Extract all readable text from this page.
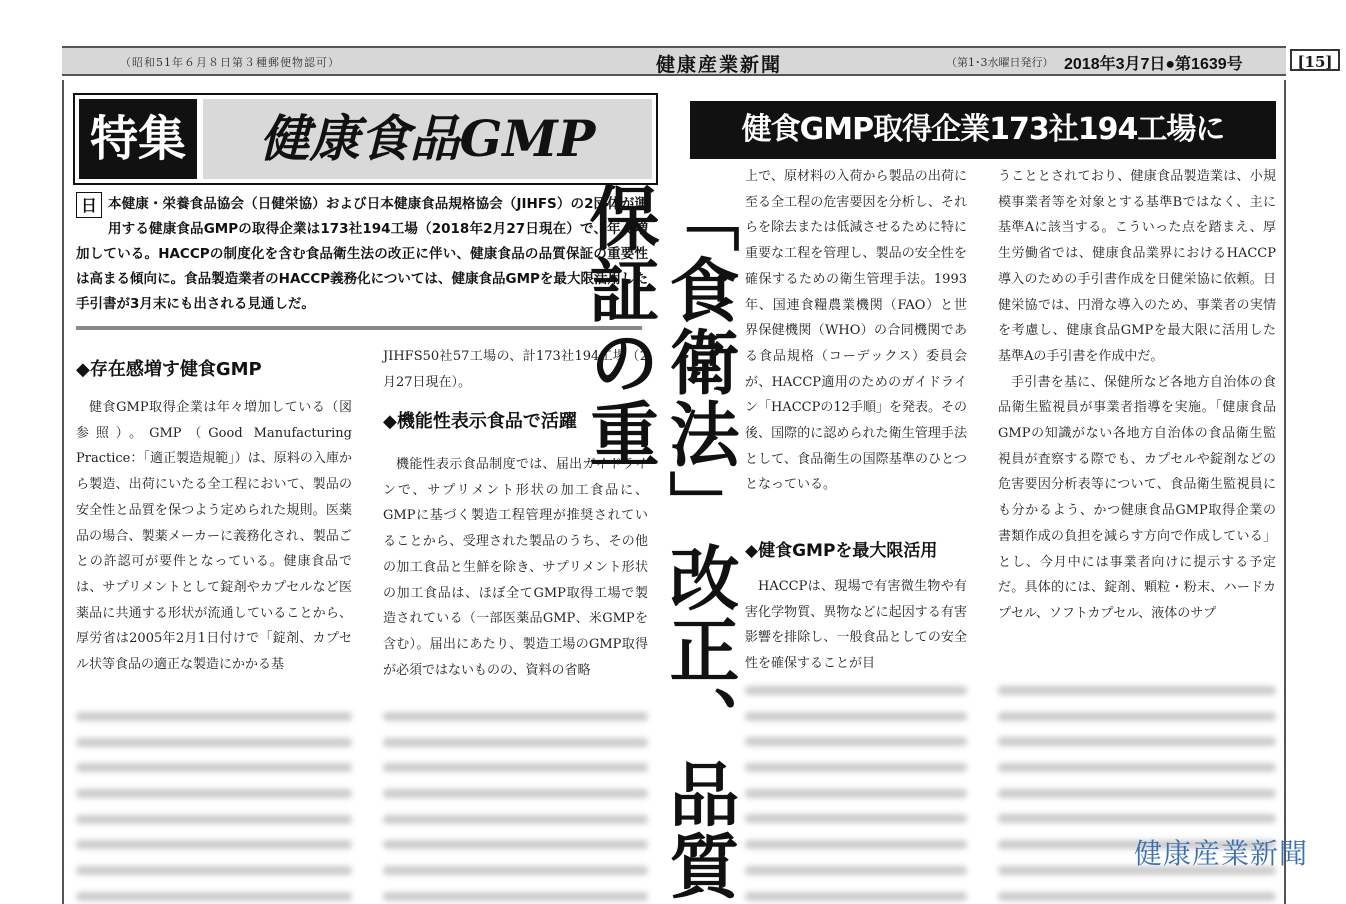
（昭和51年６月８日第３種郵便物認可）	健康産業新聞	（第1･3水曜日発行） 2018年3月7日●第1639号	[15]
特集	健康食品GMP	健食GMP取得企業173社194工場に
日 本健康・栄養食品協会（日健栄協）および日本健康食品規格協会（JIHFS）の2団体が運用する健康食品GMPの取得企業は173社194工場（2018年2月27日現在）で、年々増加している。HACCPの制度化を含む食品衛生法の改正に伴い、健康食品の品質保証の重要性は高まる傾向に。食品製造業者のHACCP義務化については、健康食品GMPを最大限活用した手引書が3月末にも出される見通しだ。
◆存在感増す健食GMP

健食GMP取得企業は年々増加している（図参照）。GMP（Good Manufacturing Practice：「適正製造規範」）は、原料の入庫から製造、出荷にいたる全工程において、製品の安全性と品質を保つよう定められた規則。医薬品の場合、製薬メーカーに義務化され、製品ごとの許認可が要件となっている。健康食品では、サプリメントとして錠剤やカプセルなど医薬品に共通する形状が流通していることから、厚労省は2005年2月1日付けで「錠剤、カプセル状等食品の適正な製造にかかる基

JIHFS50社57工場の、計173社194工場（2月27日現在）。

◆機能性表示食品で活躍

機能性表示食品制度では、届出ガイドラインで、サプリメント形状の加工食品に、GMPに基づく製造工程管理が推奨されていることから、受理された製品のうち、その他の加工食品と生鮮を除き、サプリメント形状の加工食品は、ほぼ全てGMP取得工場で製造されている（一部医薬品GMP、米GMPを含む）。届出にあたり、製造工場のGMP取得が必須ではないものの、資料の省略 「食衛法」改正、品質保証の重

上で、原材料の入荷から製品の出荷に至る全工程の危害要因を分析し、それらを除去または低減させるために特に重要な工程を管理し、製品の安全性を確保するための衛生管理手法。1993年、国連食糧農業機関（FAO）と世界保健機関（WHO）の合同機関である食品規格（コーデックス）委員会が、HACCP適用のためのガイドライン「HACCPの12手順」を発表。その後、国際的に認められた衛生管理手法として、食品衛生の国際基準のひとつとなっている。

◆健食GMPを最大限活用

HACCPは、現場で有害微生物や有害化学物質、異物などに起因する有害影響を排除し、一般食品としての安全性を確保することが目

うこととされており、健康食品製造業は、小規模事業者等を対象とする基準Bではなく、主に基準Aに該当する。こういった点を踏まえ、厚生労働省では、健康食品業界におけるHACCP導入のための手引書作成を日健栄協に依頼。日健栄協では、円滑な導入のため、事業者の実情を考慮し、健康食品GMPを最大限に活用した基準Aの手引書を作成中だ。

手引書を基に、保健所など各地方自治体の食品衛生監視員が事業者指導を実施。「健康食品GMPの知識がない各地方自治体の食品衛生監視員が査察する際でも、カプセルや錠剤などの危害要因分析表等について、食品衛生監視員にも分かるよう、かつ健康食品GMP取得企業の書類作成の負担を減らす方向で作成している」とし、今月中には事業者向けに提示する予定だ。具体的には、錠剤、顆粒・粉末、ハードカプセル、ソフトカプセル、液体のサプ

健康産業新聞
